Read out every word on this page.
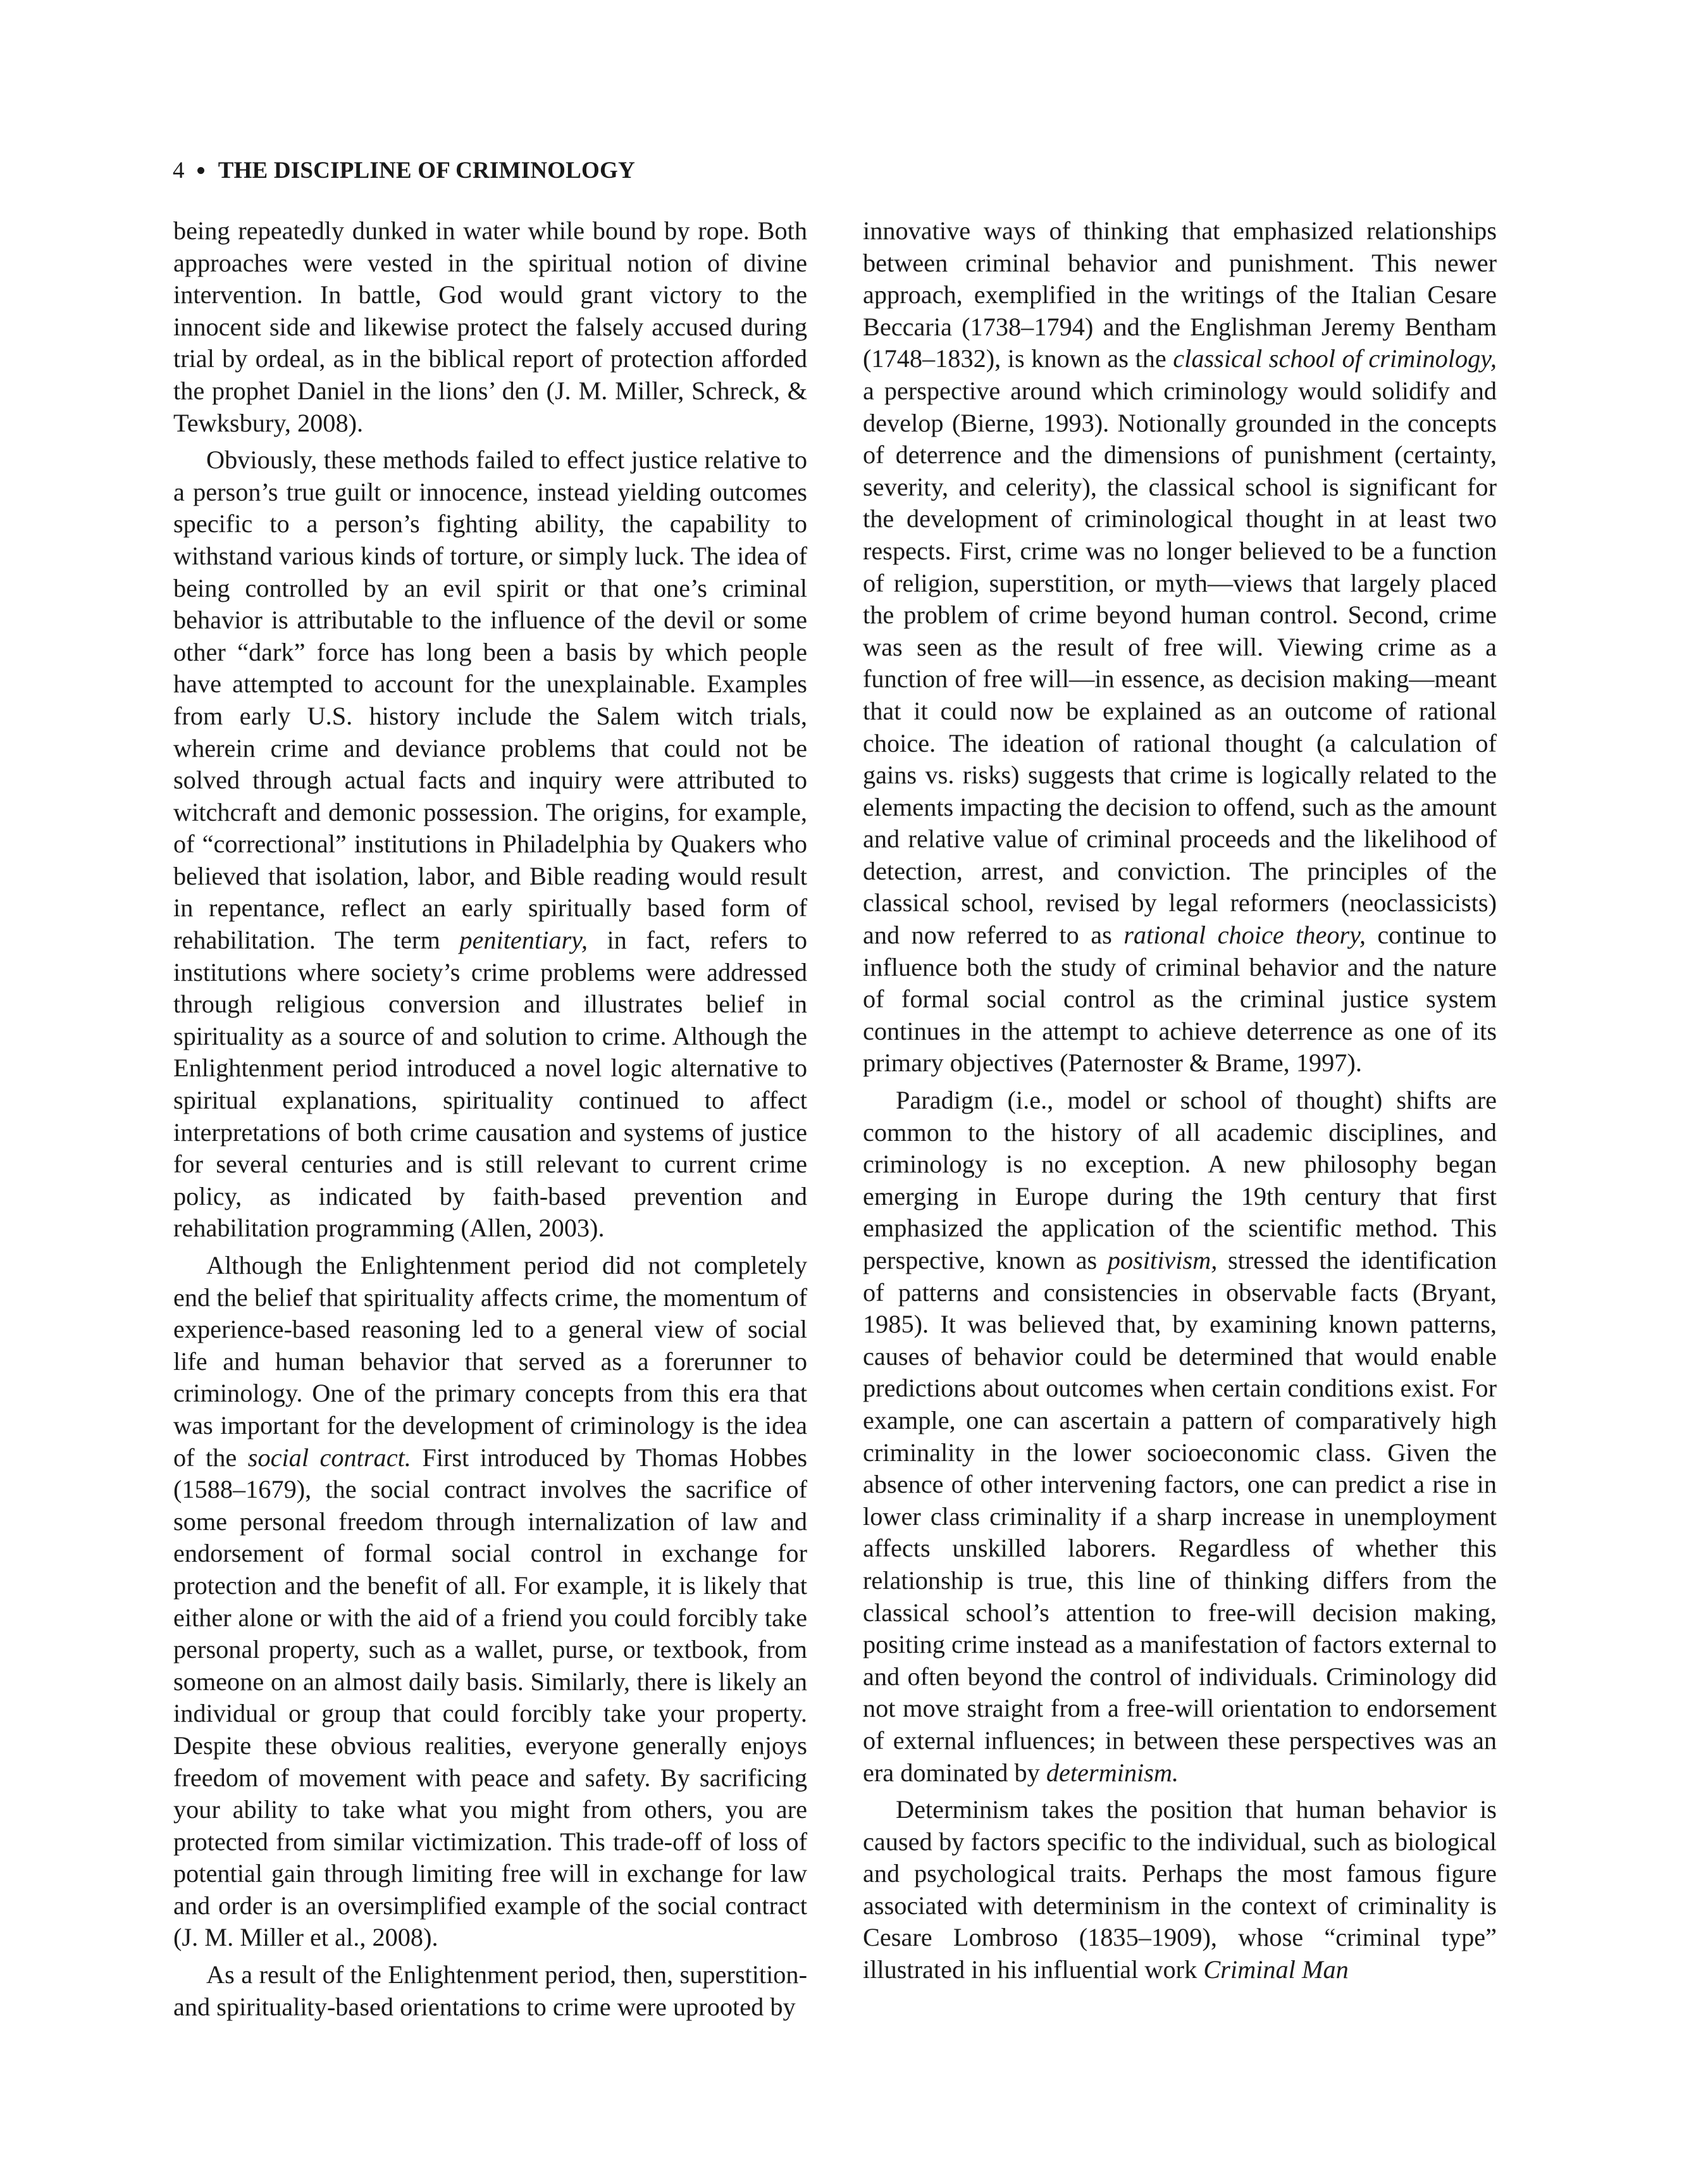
4 THE DISCIPLINE OF CRIMINOLOGY

being repeatedly dunked in water while bound by rope. Both approaches were vested in the spiritual notion of divine intervention. In battle, God would grant victory to the innocent side and likewise protect the falsely accused during trial by ordeal, as in the biblical report of protection afforded the prophet Daniel in the lions’ den (J. M. Miller, Schreck, & Tewksbury, 2008).

Obviously, these methods failed to effect justice relative to a person’s true guilt or innocence, instead yielding outcomes specific to a person’s fighting ability, the capability to withstand various kinds of torture, or simply luck. The idea of being controlled by an evil spirit or that one’s criminal behavior is attributable to the influence of the devil or some other “dark” force has long been a basis by which people have attempted to account for the unexplainable. Examples from early U.S. history include the Salem witch trials, wherein crime and deviance problems that could not be solved through actual facts and inquiry were attributed to witchcraft and demonic possession. The origins, for example, of “correctional” institutions in Philadelphia by Quakers who believed that isolation, labor, and Bible reading would result in repentance, reflect an early spiritually based form of rehabilitation. The term penitentiary, in fact, refers to institutions where society’s crime problems were addressed through religious conversion and illustrates belief in spirituality as a source of and solution to crime. Although the Enlightenment period introduced a novel logic alternative to spiritual explanations, spirituality continued to affect interpretations of both crime causation and systems of justice for several centuries and is still relevant to current crime policy, as indicated by faith-based prevention and rehabilitation programming (Allen, 2003).

Although the Enlightenment period did not completely end the belief that spirituality affects crime, the momentum of experience-based reasoning led to a general view of social life and human behavior that served as a forerunner to criminology. One of the primary concepts from this era that was important for the development of criminology is the idea of the social contract. First introduced by Thomas Hobbes (1588–1679), the social contract involves the sacrifice of some personal freedom through internalization of law and endorsement of formal social control in exchange for protection and the benefit of all. For example, it is likely that either alone or with the aid of a friend you could forcibly take personal property, such as a wallet, purse, or textbook, from someone on an almost daily basis. Similarly, there is likely an individual or group that could forcibly take your property. Despite these obvious realities, everyone generally enjoys freedom of movement with peace and safety. By sacrificing your ability to take what you might from others, you are protected from similar victimization. This trade-off of loss of potential gain through limiting free will in exchange for law and order is an oversimplified example of the social contract (J. M. Miller et al., 2008).

As a result of the Enlightenment period, then, superstition- and spirituality-based orientations to crime were uprooted by

innovative ways of thinking that emphasized relationships between criminal behavior and punishment. This newer approach, exemplified in the writings of the Italian Cesare Beccaria (1738–1794) and the Englishman Jeremy Bentham (1748–1832), is known as the classical school of criminology, a perspective around which criminology would solidify and develop (Bierne, 1993). Notionally grounded in the concepts of deterrence and the dimensions of punishment (certainty, severity, and celerity), the classical school is significant for the development of criminological thought in at least two respects. First, crime was no longer believed to be a function of religion, superstition, or myth—views that largely placed the problem of crime beyond human control. Second, crime was seen as the result of free will. Viewing crime as a function of free will—in essence, as decision making—meant that it could now be explained as an outcome of rational choice. The ideation of rational thought (a calculation of gains vs. risks) suggests that crime is logically related to the elements impacting the decision to offend, such as the amount and relative value of criminal proceeds and the likelihood of detection, arrest, and conviction. The principles of the classical school, revised by legal reformers (neoclassicists) and now referred to as rational choice theory, continue to influence both the study of criminal behavior and the nature of formal social control as the criminal justice system continues in the attempt to achieve deterrence as one of its primary objectives (Paternoster & Brame, 1997).

Paradigm (i.e., model or school of thought) shifts are common to the history of all academic disciplines, and criminology is no exception. A new philosophy began emerging in Europe during the 19th century that first emphasized the application of the scientific method. This perspective, known as positivism, stressed the identification of patterns and consistencies in observable facts (Bryant, 1985). It was believed that, by examining known patterns, causes of behavior could be determined that would enable predictions about outcomes when certain conditions exist. For example, one can ascertain a pattern of comparatively high criminality in the lower socioeconomic class. Given the absence of other intervening factors, one can predict a rise in lower class criminality if a sharp increase in unemployment affects unskilled laborers. Regardless of whether this relationship is true, this line of thinking differs from the classical school’s attention to free-will decision making, positing crime instead as a manifestation of factors external to and often beyond the control of individuals. Criminology did not move straight from a free-will orientation to endorsement of external influences; in between these perspectives was an era dominated by determinism.

Determinism takes the position that human behavior is caused by factors specific to the individual, such as biological and psychological traits. Perhaps the most famous figure associated with determinism in the context of criminality is Cesare Lombroso (1835–1909), whose “criminal type” illustrated in his influential work Criminal Man
